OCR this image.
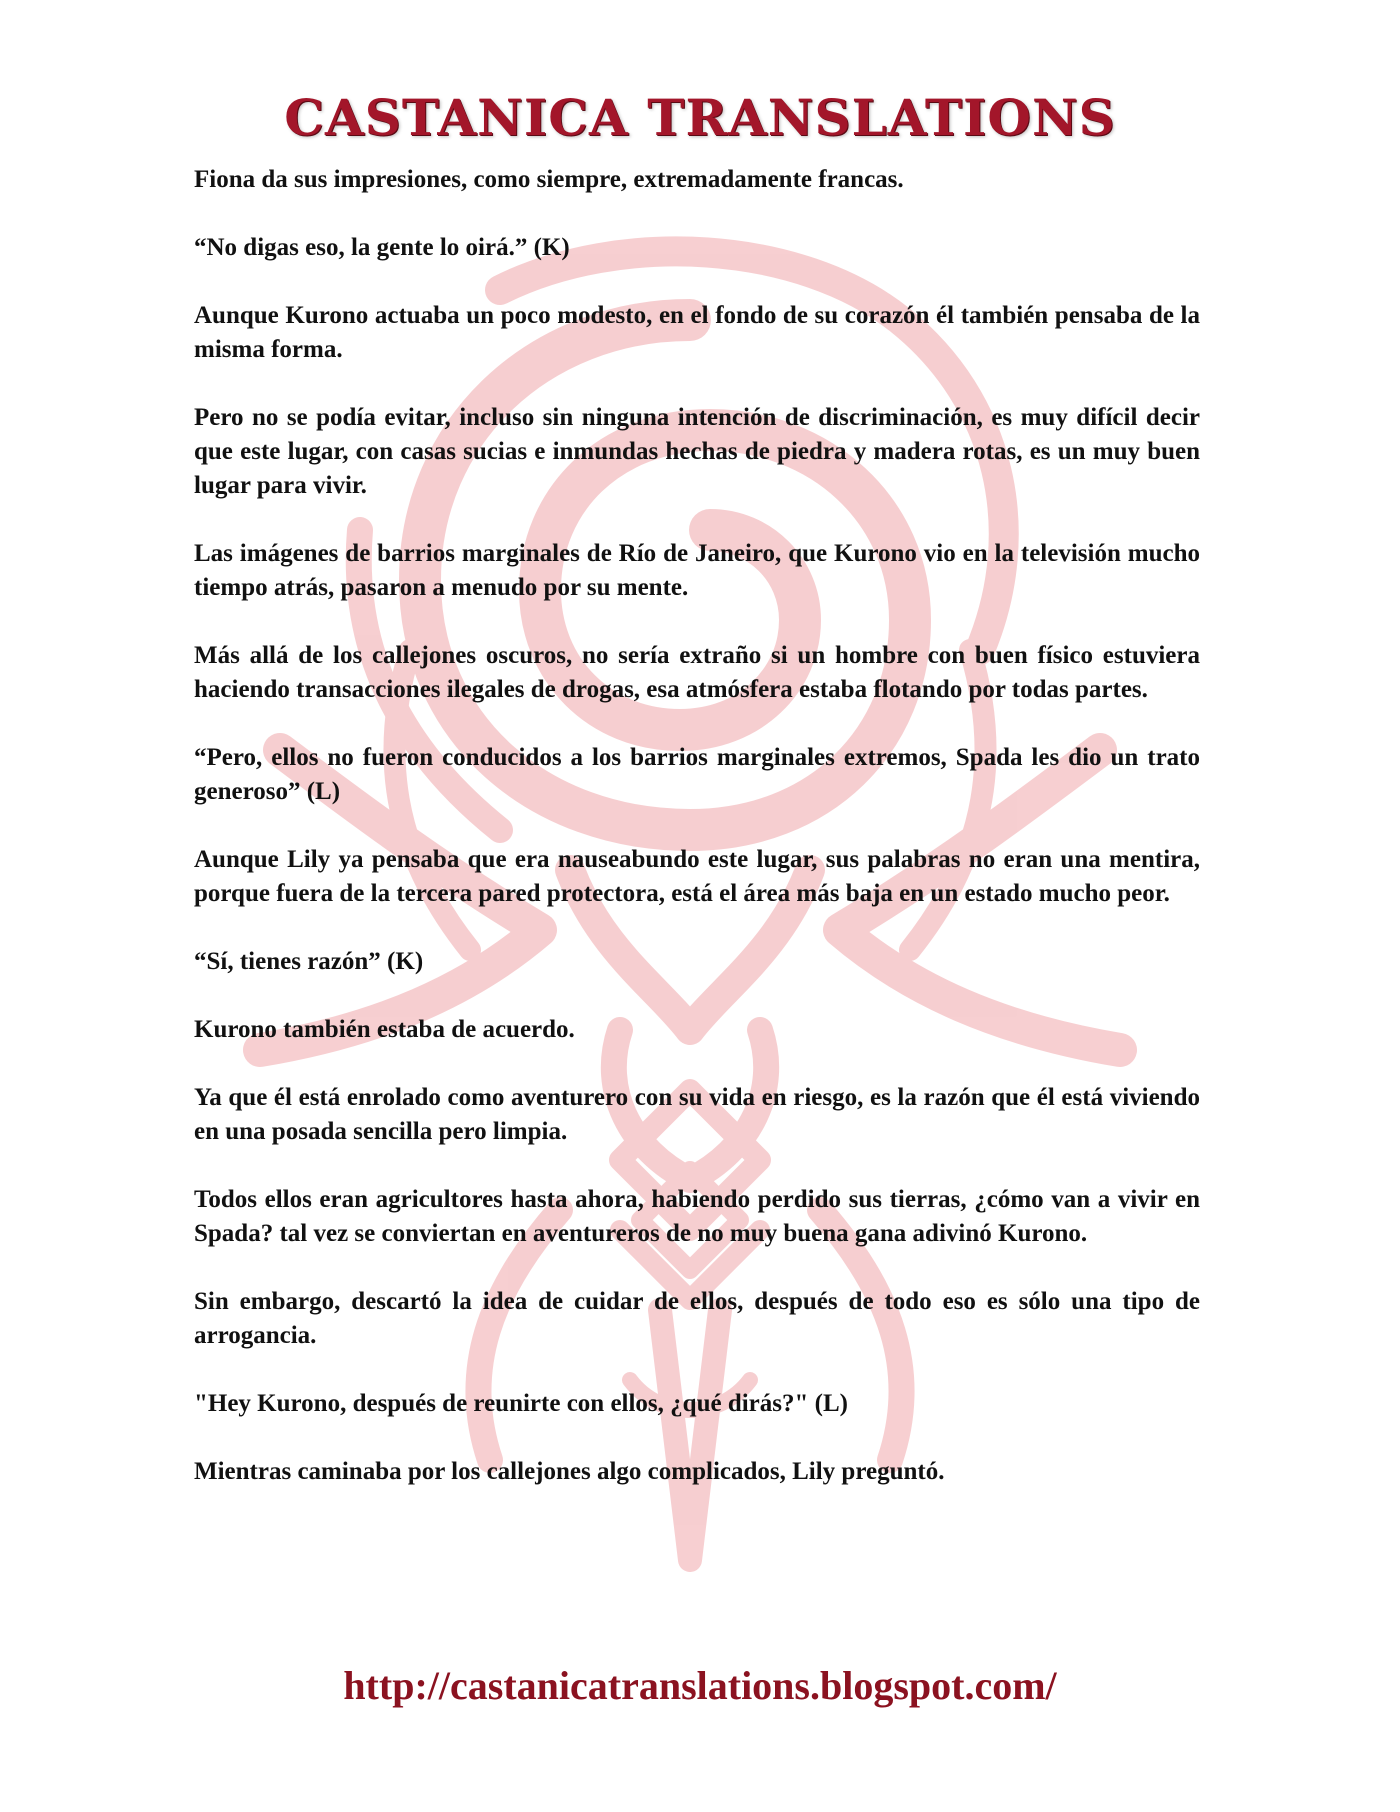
CASTANICA TRANSLATIONS

Fiona da sus impresiones, como siempre, extremadamente francas.

“No digas eso, la gente lo oirá.” (K)

Aunque Kurono actuaba un poco modesto, en el fondo de su corazón él también pensaba de la misma forma.

Pero no se podía evitar, incluso sin ninguna intención de discriminación, es muy difícil decir que este lugar, con casas sucias e inmundas hechas de piedra y madera rotas, es un muy buen lugar para vivir.

Las imágenes de barrios marginales de Río de Janeiro, que Kurono vio en la televisión mucho tiempo atrás, pasaron a menudo por su mente.

Más allá de los callejones oscuros, no sería extraño si un hombre con buen físico estuviera haciendo transacciones ilegales de drogas, esa atmósfera estaba flotando por todas partes.

“Pero, ellos no fueron conducidos a los barrios marginales extremos, Spada les dio un trato generoso” (L)

Aunque Lily ya pensaba que era nauseabundo este lugar, sus palabras no eran una mentira, porque fuera de la tercera pared protectora, está el área más baja en un estado mucho peor.

“Sí, tienes razón” (K)

Kurono también estaba de acuerdo.

Ya que él está enrolado como aventurero con su vida en riesgo, es la razón que él está viviendo en una posada sencilla pero limpia.

Todos ellos eran agricultores hasta ahora, habiendo perdido sus tierras, ¿cómo van a vivir en Spada? tal vez se conviertan en aventureros de no muy buena gana adivinó Kurono.

Sin embargo, descartó la idea de cuidar de ellos, después de todo eso es sólo una tipo de arrogancia.

"Hey Kurono, después de reunirte con ellos, ¿qué dirás?" (L)

Mientras caminaba por los callejones algo complicados, Lily preguntó.

http://castanicatranslations.blogspot.com/
